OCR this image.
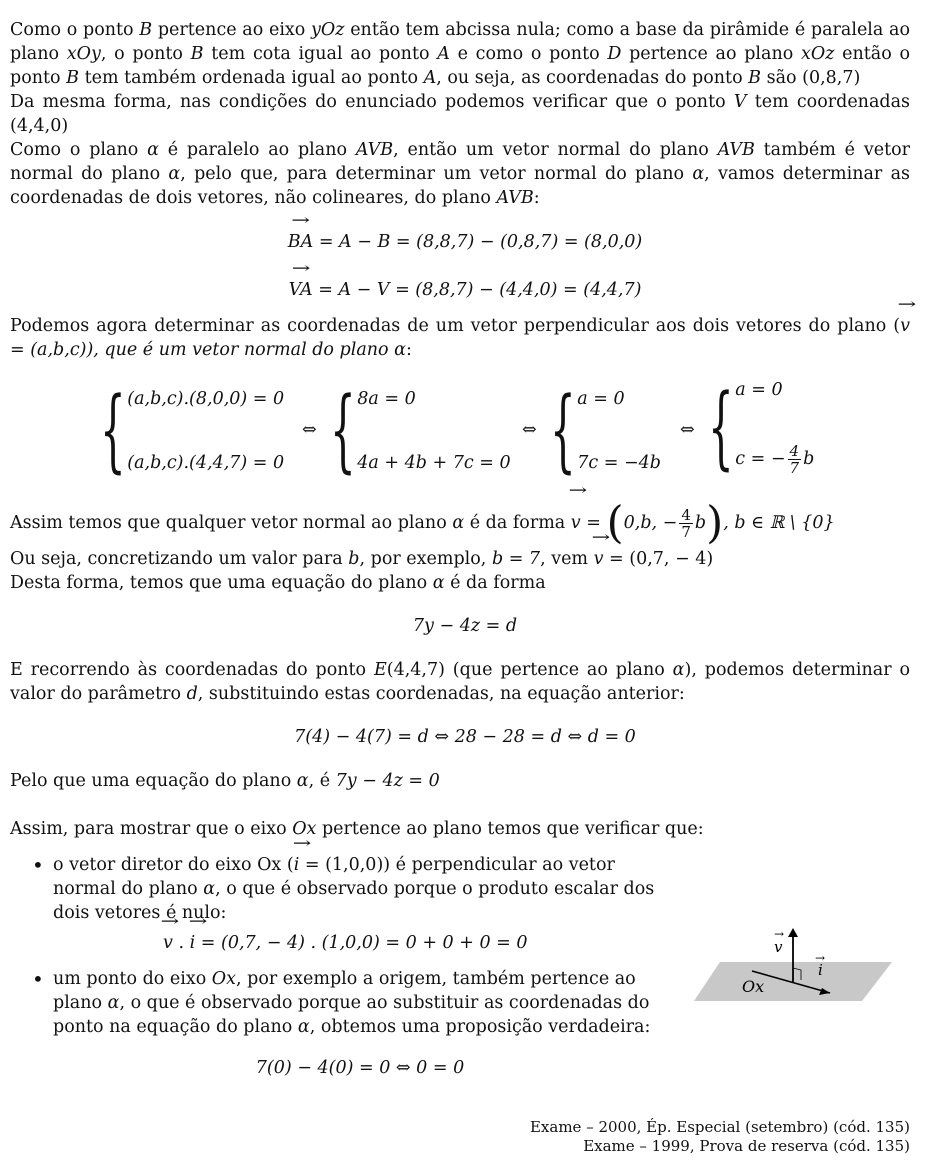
Como o ponto B pertence ao eixo yOz então tem abcissa nula; como a base da pirâmide é paralela ao plano xOy, o ponto B tem cota igual ao ponto A e como o ponto D pertence ao plano xOz então o ponto B tem também ordenada igual ao ponto A, ou seja, as coordenadas do ponto B são (0,8,7)
Da mesma forma, nas condições do enunciado podemos verificar que o ponto V tem coordenadas (4,4,0)
Como o plano α é paralelo ao plano AVB, então um vetor normal do plano AVB também é vetor normal do plano α, pelo que, para determinar um vetor normal do plano α, vamos determinar as coordenadas de dois vetores, não colineares, do plano AVB:
→ BA = A − B = (8,8,7) − (0,8,7) = (8,0,0)
→ VA = A − V = (8,8,7) − (4,4,0) = (4,4,7)
Podemos agora determinar as coordenadas de um vetor perpendicular aos dois vetores do plano (→ v = (a,b,c)), que é um vetor normal do plano α:
{ (a,b,c).(8,0,0) = 0
(a,b,c).(4,4,7) = 0
⇔ { 8a = 0
4a + 4b + 7c = 0
⇔ { a = 0
7c = −4b
⇔ { a = 0
c = − $\frac{4}{7}$ b
Assim temos que qualquer vetor normal ao plano α é da forma → v = (0,b, − $\frac{4}{7} b$), b ∈ ℝ \ {0}
Ou seja, concretizando um valor para b, por exemplo, b = 7, vem → v = (0,7, − 4)
Desta forma, temos que uma equação do plano α é da forma
7y − 4z = d
E recorrendo às coordenadas do ponto E(4,4,7) (que pertence ao plano α), podemos determinar o valor do parâmetro d, substituindo estas coordenadas, na equação anterior:
7(4) − 4(7) = d ⇔ 28 − 28 = d ⇔ d = 0
Pelo que uma equação do plano α, é 7y − 4z = 0
Assim, para mostrar que o eixo Ox pertence ao plano temos que verificar que:
• o vetor diretor do eixo Ox (→ i = (1,0,0)) é perpendicular ao vetor normal do plano α, o que é observado porque o produto escalar dos dois vetores é nulo:
→ v . → i = (0,7, − 4) . (1,0,0) = 0 + 0 + 0 = 0
• um ponto do eixo Ox, por exemplo a origem, também pertence ao plano α, o que é observado porque ao substituir as coordenadas do ponto na equação do plano α, obtemos uma proposição verdadeira:
7(0) − 4(0) = 0 ⇔ 0 = 0
v
→
i
→
Ox
Exame – 2000, Ép. Especial (setembro) (cód. 135)
Exame – 1999, Prova de reserva (cód. 135)
